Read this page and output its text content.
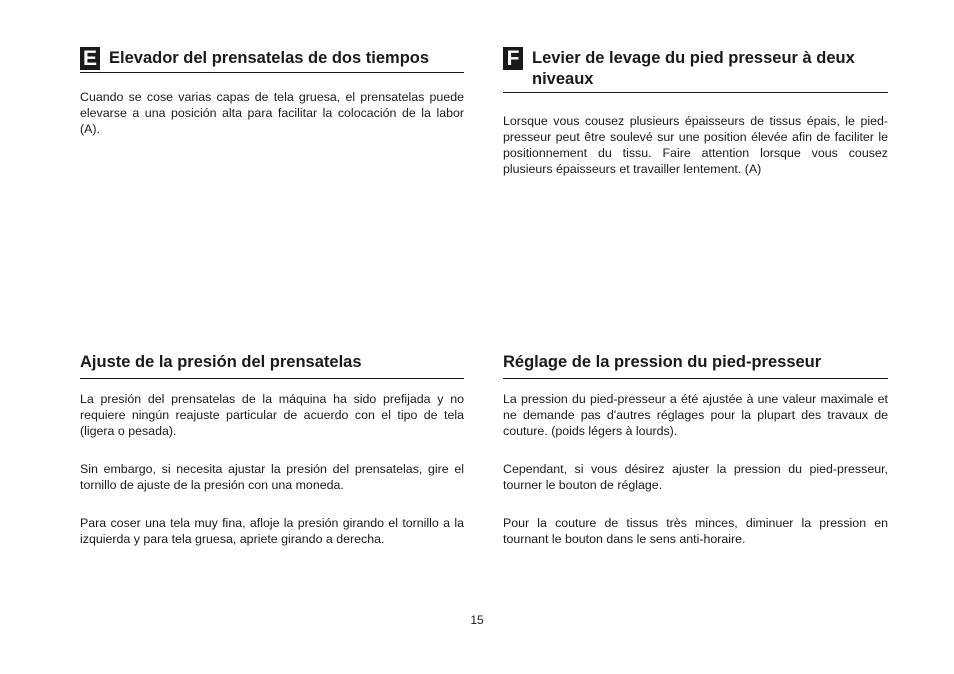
E Elevador del prensatelas de dos tiempos

Cuando se cose varias capas de tela gruesa, el prensatelas puede elevarse a una posición alta para facilitar la colocación de la labor (A).

F Levier de levage du pied presseur à deux niveaux

Lorsque vous cousez plusieurs épaisseurs de tissus épais, le pied-presseur peut être soulevé sur une position élevée afin de faciliter le positionnement du tissu. Faire attention lorsque vous cousez plusieurs épaisseurs et travailler lentement. (A)

Ajuste de la presión del prensatelas

La presión del prensatelas de la máquina ha sido prefijada y no requiere ningún reajuste particular de acuerdo con el tipo de tela (ligera o pesada).

Sin embargo, si necesita ajustar la presión del prensatelas, gire el tornillo de ajuste de la presión con una moneda.

Para coser una tela muy fina, afloje la presión girando el tornillo a la izquierda y para tela gruesa, apriete girando a derecha.

Réglage de la pression du pied-presseur

La pression du pied-presseur a été ajustée à une valeur maximale et ne demande pas d'autres réglages pour la plupart des travaux de couture. (poids légers à lourds).

Cependant, si vous désirez ajuster la pression du pied-presseur, tourner le bouton de réglage.

Pour la couture de tissus très minces, diminuer la pression en tournant le bouton dans le sens anti-horaire.

15
